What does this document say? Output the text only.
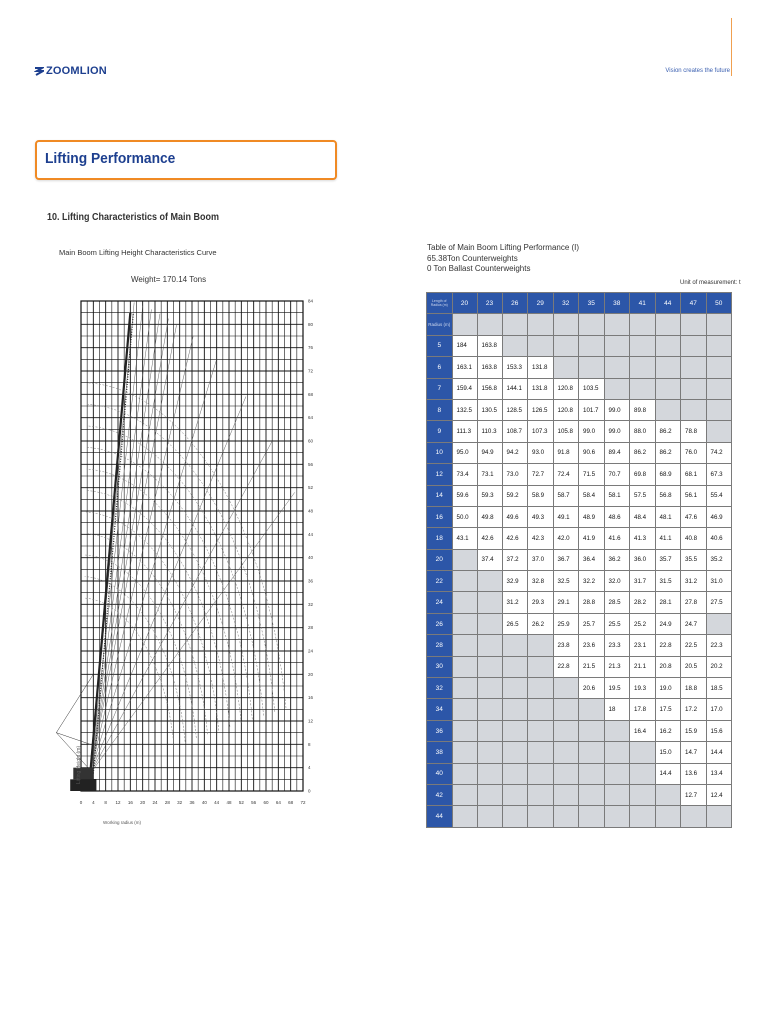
ZOOMLION	Vision creates the future
Lifting Performance
10. Lifting Characteristics of Main Boom
Main Boom Lifting Height Characteristics Curve
Weight= 170.14 Tons
84
80
76
72
68
64
60
56
52
48
44
40
36
32
28
24
20
16
12
8
4
0
0 4 8 12 16 20 24 28 32 36 40 44 48 52 56 60 64 68 72
Lifting Height (m)
Working radius (m)
Table of Main Boom Lifting Performance (I)
65.38Ton Counterweights
0 Ton Ballast Counterweights
Unit of measurement: t
Length of
Radius (m)	20	23	26	29	32	35	38	41	44	47	50
Radius (m)											
5	184	163.8									
6	163.1	163.8	153.3	131.8							
7	159.4	156.8	144.1	131.8	120.8	103.5					
8	132.5	130.5	128.5	126.5	120.8	101.7	99.0	89.8			
9	111.3	110.3	108.7	107.3	105.8	99.0	99.0	88.0	86.2	78.8	
10	95.0	94.9	94.2	93.0	91.8	90.6	89.4	86.2	86.2	76.0	74.2
12	73.4	73.1	73.0	72.7	72.4	71.5	70.7	69.8	68.9	68.1	67.3
14	59.6	59.3	59.2	58.9	58.7	58.4	58.1	57.5	56.8	56.1	55.4
16	50.0	49.8	49.6	49.3	49.1	48.9	48.6	48.4	48.1	47.6	46.9
18	43.1	42.6	42.6	42.3	42.0	41.9	41.6	41.3	41.1	40.8	40.6
20		37.4	37.2	37.0	36.7	36.4	36.2	36.0	35.7	35.5	35.2
22			32.9	32.8	32.5	32.2	32.0	31.7	31.5	31.2	31.0
24			31.2	29.3	29.1	28.8	28.5	28.2	28.1	27.8	27.5
26			26.5	26.2	25.9	25.7	25.5	25.2	24.9	24.7	
28					23.8	23.6	23.3	23.1	22.8	22.5	22.3
30					22.8	21.5	21.3	21.1	20.8	20.5	20.2
32						20.6	19.5	19.3	19.0	18.8	18.5
34							18	17.8	17.5	17.2	17.0
36								16.4	16.2	15.9	15.6
38									15.0	14.7	14.4
40									14.4	13.6	13.4
42										12.7	12.4
44											
